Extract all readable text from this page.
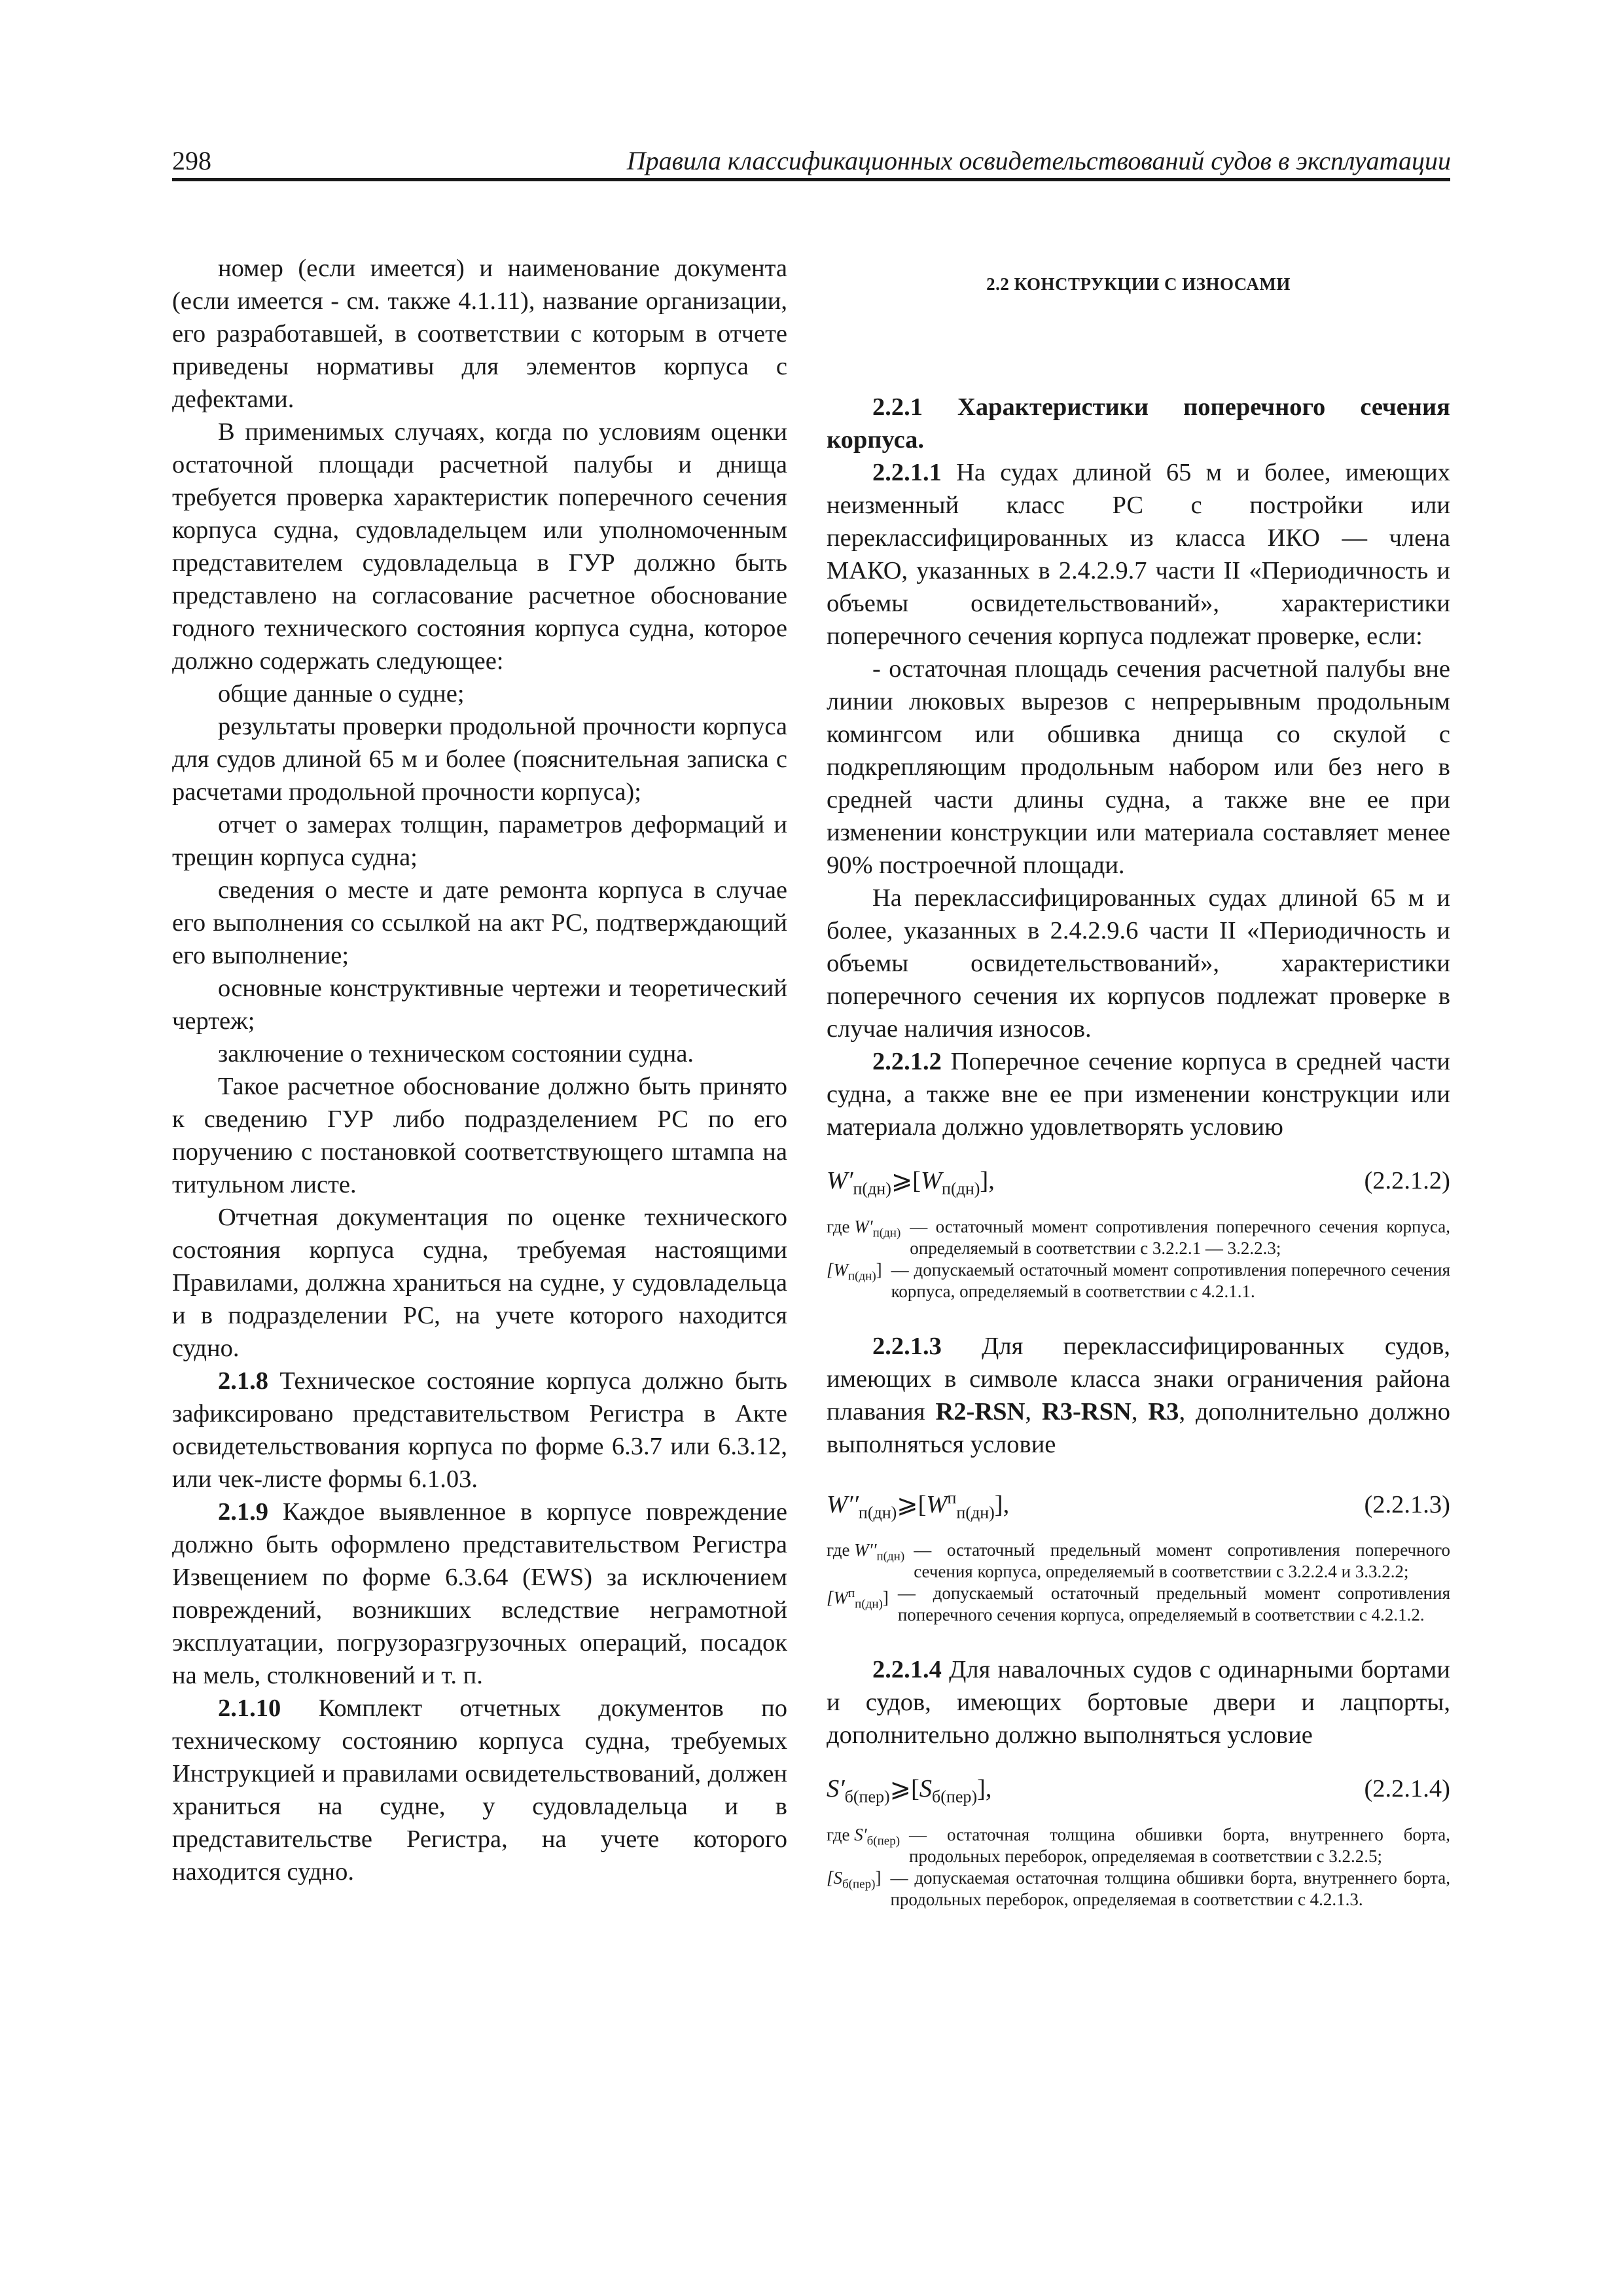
298	Правила классификационных освидетельствований судов в эксплуатации

номер (если имеется) и наименование документа (если имеется - см. также 4.1.11), название организации, его разработавшей, в соответствии с которым в отчете приведены нормативы для элементов корпуса с дефектами.

В применимых случаях, когда по условиям оценки остаточной площади расчетной палубы и днища требуется проверка характеристик поперечного сечения корпуса судна, судовладельцем или уполномоченным представителем судовладельца в ГУР должно быть представлено на согласование расчетное обоснование годного технического состояния корпуса судна, которое должно содержать следующее:

общие данные о судне;

результаты проверки продольной прочности корпуса для судов длиной 65 м и более (пояснительная записка с расчетами продольной прочности корпуса);

отчет о замерах толщин, параметров деформаций и трещин корпуса судна;

сведения о месте и дате ремонта корпуса в случае его выполнения со ссылкой на акт РС, подтверждающий его выполнение;

основные конструктивные чертежи и теоретический чертеж;

заключение о техническом состоянии судна.

Такое расчетное обоснование должно быть принято к сведению ГУР либо подразделением РС по его поручению с постановкой соответствующего штампа на титульном листе.

Отчетная документация по оценке технического состояния корпуса судна, требуемая настоящими Правилами, должна храниться на судне, у судовладельца и в подразделении РС, на учете которого находится судно.

2.1.8 Техническое состояние корпуса должно быть зафиксировано представительством Регистра в Акте освидетельствования корпуса по форме 6.3.7 или 6.3.12, или чек-листе формы 6.1.03.

2.1.9 Каждое выявленное в корпусе повреждение должно быть оформлено представительством Регистра Извещением по форме 6.3.64 (EWS) за исключением повреждений, возникших вследствие неграмотной эксплуатации, погрузоразгрузочных операций, посадок на мель, столкновений и т. п.

2.1.10 Комплект отчетных документов по техническому состоянию корпуса судна, требуемых Инструкцией и правилами освидетельствований, должен храниться на судне, у судовладельца и в представительстве Регистра, на учете которого находится судно.

2.2 КОНСТРУКЦИИ С ИЗНОСАМИ

2.2.1 Характеристики поперечного сечения корпуса.

2.2.1.1 На судах длиной 65 м и более, имеющих неизменный класс РС с постройки или переклассифицированных из класса ИКО — члена МАКО, указанных в 2.4.2.9.7 части II «Периодичность и объемы освидетельствований», характеристики поперечного сечения корпуса подлежат проверке, если:

- остаточная площадь сечения расчетной палубы вне линии люковых вырезов с непрерывным продольным комингсом или обшивка днища со скулой с подкрепляющим продольным набором или без него в средней части длины судна, а также вне ее при изменении конструкции или материала составляет менее 90% построечной площади.

На переклассифицированных судах длиной 65 м и более, указанных в 2.4.2.9.6 части II «Периодичность и объемы освидетельствований», характеристики поперечного сечения их корпусов подлежат проверке в случае наличия износов.

2.2.1.2 Поперечное сечение корпуса в средней части судна, а также вне ее при изменении конструкции или материала должно удовлетворять условию

$W'_{п(дн)}⩾[W_{п(дн)}]$,	(2.2.1.2)
где $W'_{п(дн)}$ — остаточный момент сопротивления поперечного сечения корпуса, определяемый в соответствии с 3.2.2.1 — 3.2.2.3;
$[W_{п(дн)}]$ — допускаемый остаточный момент сопротивления поперечного сечения корпуса, определяемый в соответствии с 4.2.1.1.

2.2.1.3 Для переклассифицированных судов, имеющих в символе класса знаки ограничения района плавания R2-RSN, R3-RSN, R3, дополнительно должно выполняться условие

$W''_{п(дн)}⩾[W^п_{п(дн)}]$,	(2.2.1.3)
где $W''_{п(дн)}$ — остаточный предельный момент сопротивления поперечного сечения корпуса, определяемый в соответствии с 3.2.2.4 и 3.3.2.2;
$[W^п_{п(дн)}]$ — допускаемый остаточный предельный момент сопротивления поперечного сечения корпуса, определяемый в соответствии с 4.2.1.2.

2.2.1.4 Для навалочных судов с одинарными бортами и судов, имеющих бортовые двери и лацпорты, дополнительно должно выполняться условие

$S'_{б(пер)}⩾[S_{б(пер)}]$,	(2.2.1.4)
где $S'_{б(пер)}$ — остаточная толщина обшивки борта, внутреннего борта, продольных переборок, определяемая в соответствии с 3.2.2.5;
$[S_{б(пер)}]$ — допускаемая остаточная толщина обшивки борта, внутреннего борта, продольных переборок, определяемая в соответствии с 4.2.1.3.
